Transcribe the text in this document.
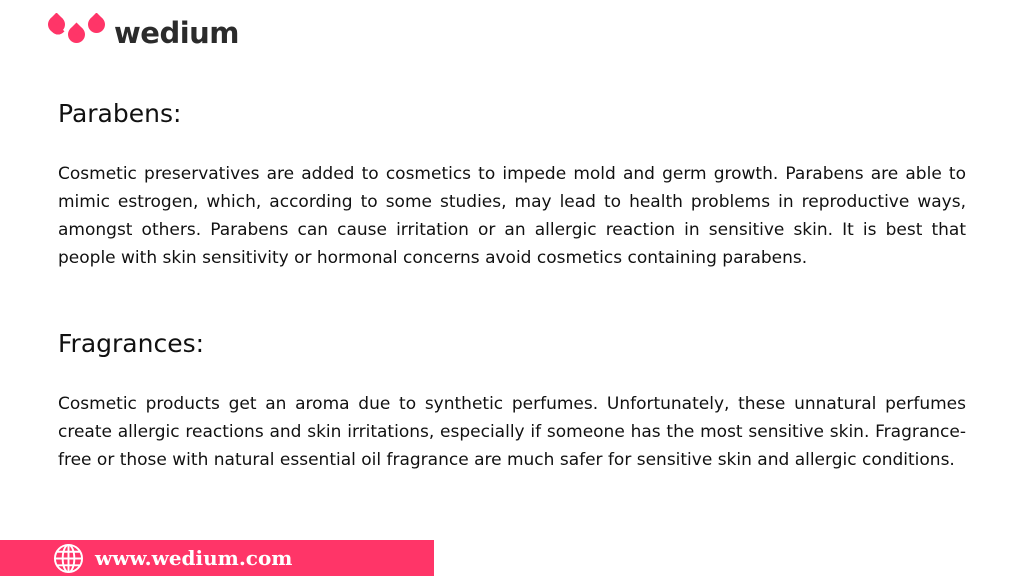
wedium
Parabens:

Cosmetic preservatives are added to cosmetics to impede mold and germ growth. Parabens are able to mimic estrogen, which, according to some studies, may lead to health problems in reproductive ways, amongst others. Parabens can cause irritation or an allergic reaction in sensitive skin. It is best that people with skin sensitivity or hormonal concerns avoid cosmetics containing parabens.

Fragrances:

Cosmetic products get an aroma due to synthetic perfumes. Unfortunately, these unnatural perfumes create allergic reactions and skin irritations, especially if someone has the most sensitive skin. Fragrance-free or those with natural essential oil fragrance are much safer for sensitive skin and allergic conditions.

www.wedium.com
